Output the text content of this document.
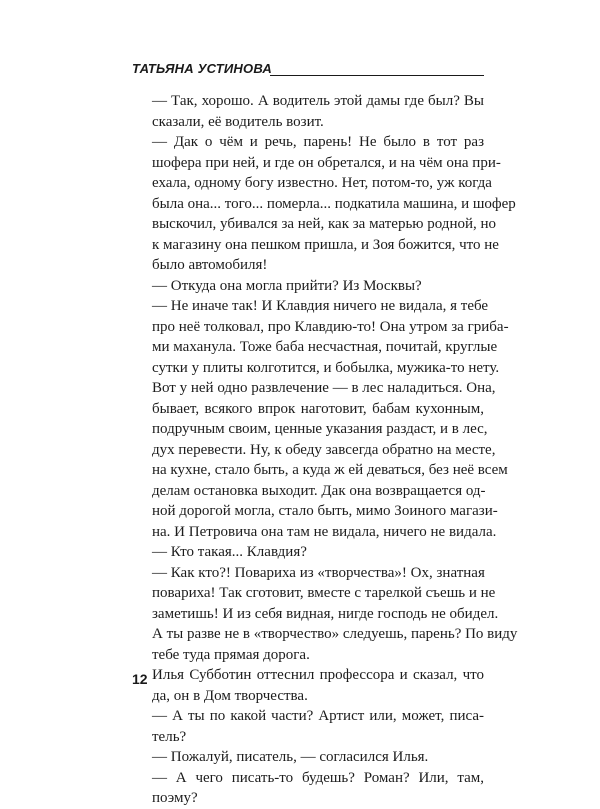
ТАТЬЯНА УСТИНОВА
— Так, хорошо. А водитель этой дамы где был? Вы
сказали, её водитель возит.
— Дак о чём и речь, парень! Не было в тот раз
шофера при ней, и где он обретался, и на чём она при-
ехала, одному богу известно. Нет, потом-то, уж когда
была она... того... померла... подкатила машина, и шофер
выскочил, убивался за ней, как за матерью родной, но
к магазину она пешком пришла, и Зоя божится, что не
было автомобиля!
— Откуда она могла прийти? Из Москвы?
— Не иначе так! И Клавдия ничего не видала, я тебе
про неё толковал, про Клавдию-то! Она утром за гриба-
ми маханула. Тоже баба несчастная, почитай, круглые
сутки у плиты колготится, и бобылка, мужика-то нету.
Вот у ней одно развлечение — в лес наладиться. Она,
бывает, всякого впрок наготовит, бабам кухонным,
подручным своим, ценные указания раздаст, и в лес,
дух перевести. Ну, к обеду завсегда обратно на месте,
на кухне, стало быть, а куда ж ей деваться, без неё всем
делам остановка выходит. Дак она возвращается од-
ной дорогой могла, стало быть, мимо Зоиного магази-
на. И Петровича она там не видала, ничего не видала.
— Кто такая... Клавдия?
— Как кто?! Повариха из «творчества»! Ох, знатная
повариха! Так сготовит, вместе с тарелкой съешь и не
заметишь! И из себя видная, нигде господь не обидел.
А ты разве не в «творчество» следуешь, парень? По виду
тебе туда прямая дорога.
Илья Субботин оттеснил профессора и сказал, что
да, он в Дом творчества.
— А ты по какой части? Артист или, может, писа-
тель?
— Пожалуй, писатель, — согласился Илья.
— А чего писать-то будешь? Роман? Или, там,
поэму?
12
